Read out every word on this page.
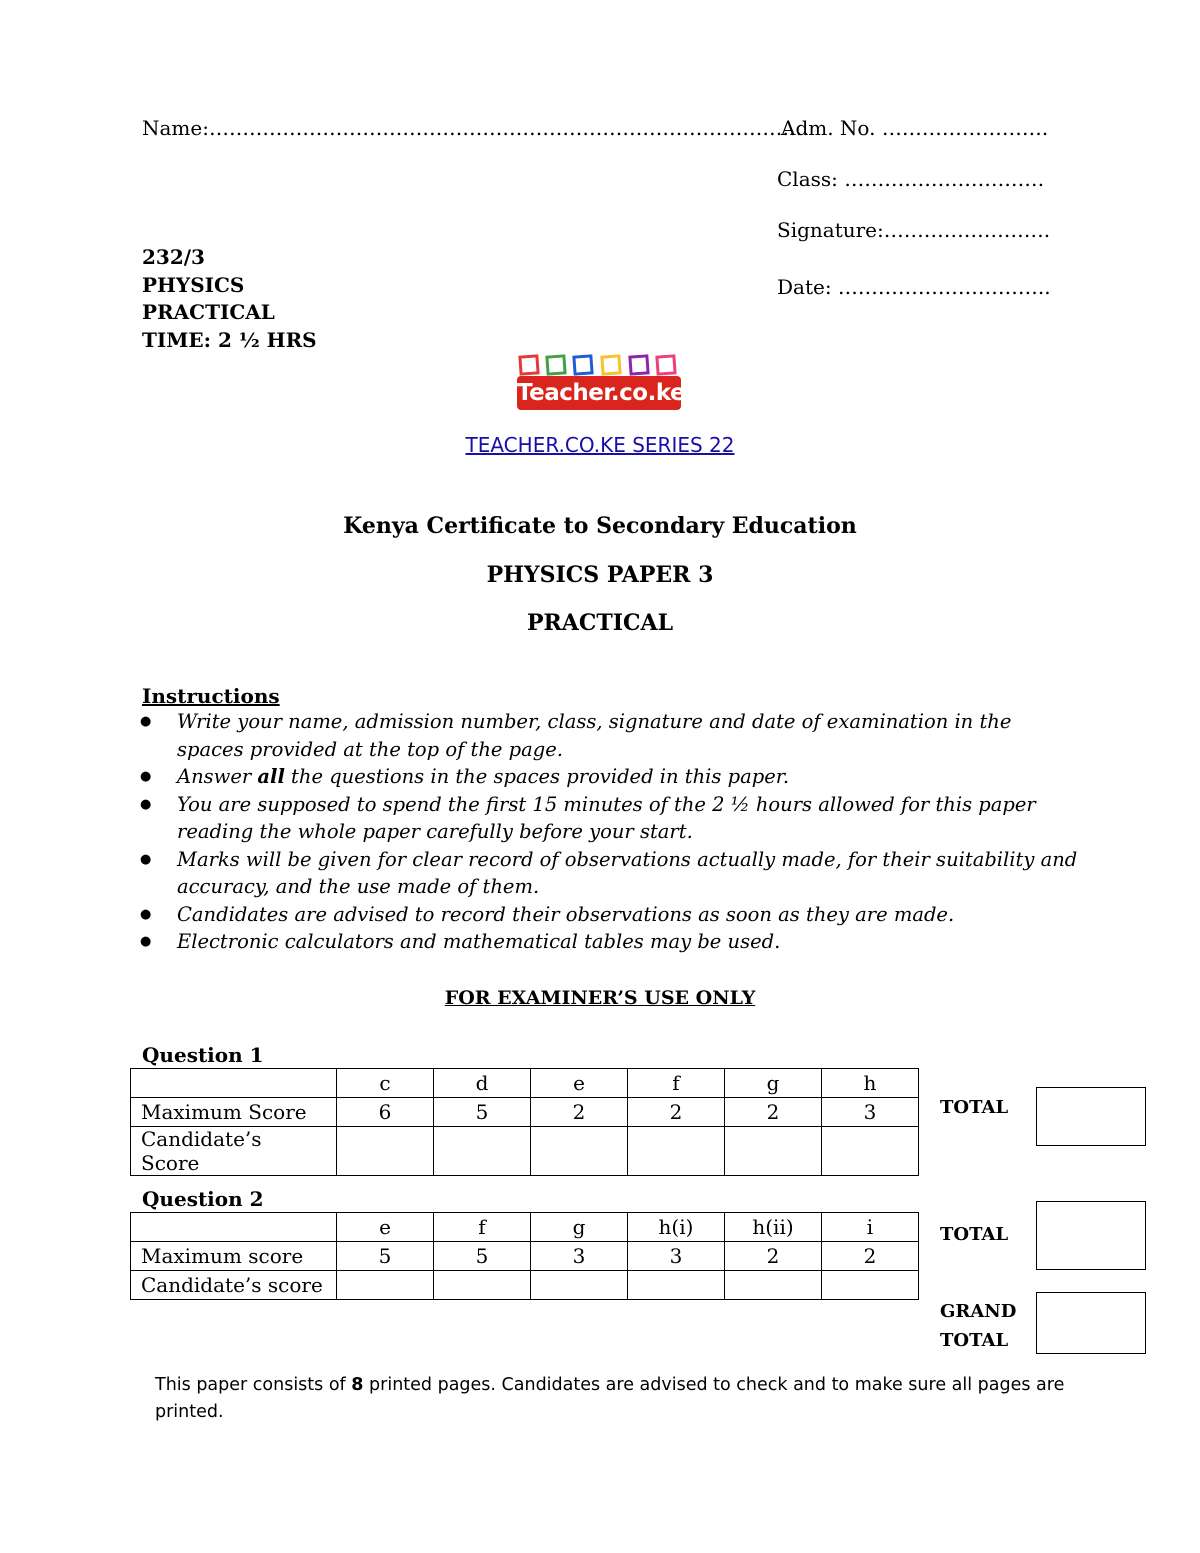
Name:………………………………………………………………………………
Adm. No. …………………….
Class: …………………………
Signature:…………………….
Date: …………………………..
232/3
PHYSICS
PRACTICAL
TIME: 2 ½ HRS
Teacher.co.ke
TEACHER.CO.KE SERIES 22
Kenya Certificate to Secondary Education
PHYSICS PAPER 3
PRACTICAL
Instructions
● Write your name, admission number, class, signature and date of examination in the spaces provided at the top of the page.
● Answer all the questions in the spaces provided in this paper.
● You are supposed to spend the first 15 minutes of the 2 ½ hours allowed for this paper reading the whole paper carefully before your start.
● Marks will be given for clear record of observations actually made, for their suitability and accuracy, and the use made of them.
● Candidates are advised to record their observations as soon as they are made.
● Electronic calculators and mathematical tables may be used.
FOR EXAMINER’S USE ONLY
Question 1
	c	d	e	f	g	h
Maximum Score	6	5	2	2	2	3
Candidate’s Score						
TOTAL
Question 2
	e	f	g	h(i)	h(ii)	i
Maximum score	5	5	3	3	2	2
Candidate’s score						
TOTAL
GRAND
TOTAL
This paper consists of 8 printed pages. Candidates are advised to check and to make sure all pages are printed.
